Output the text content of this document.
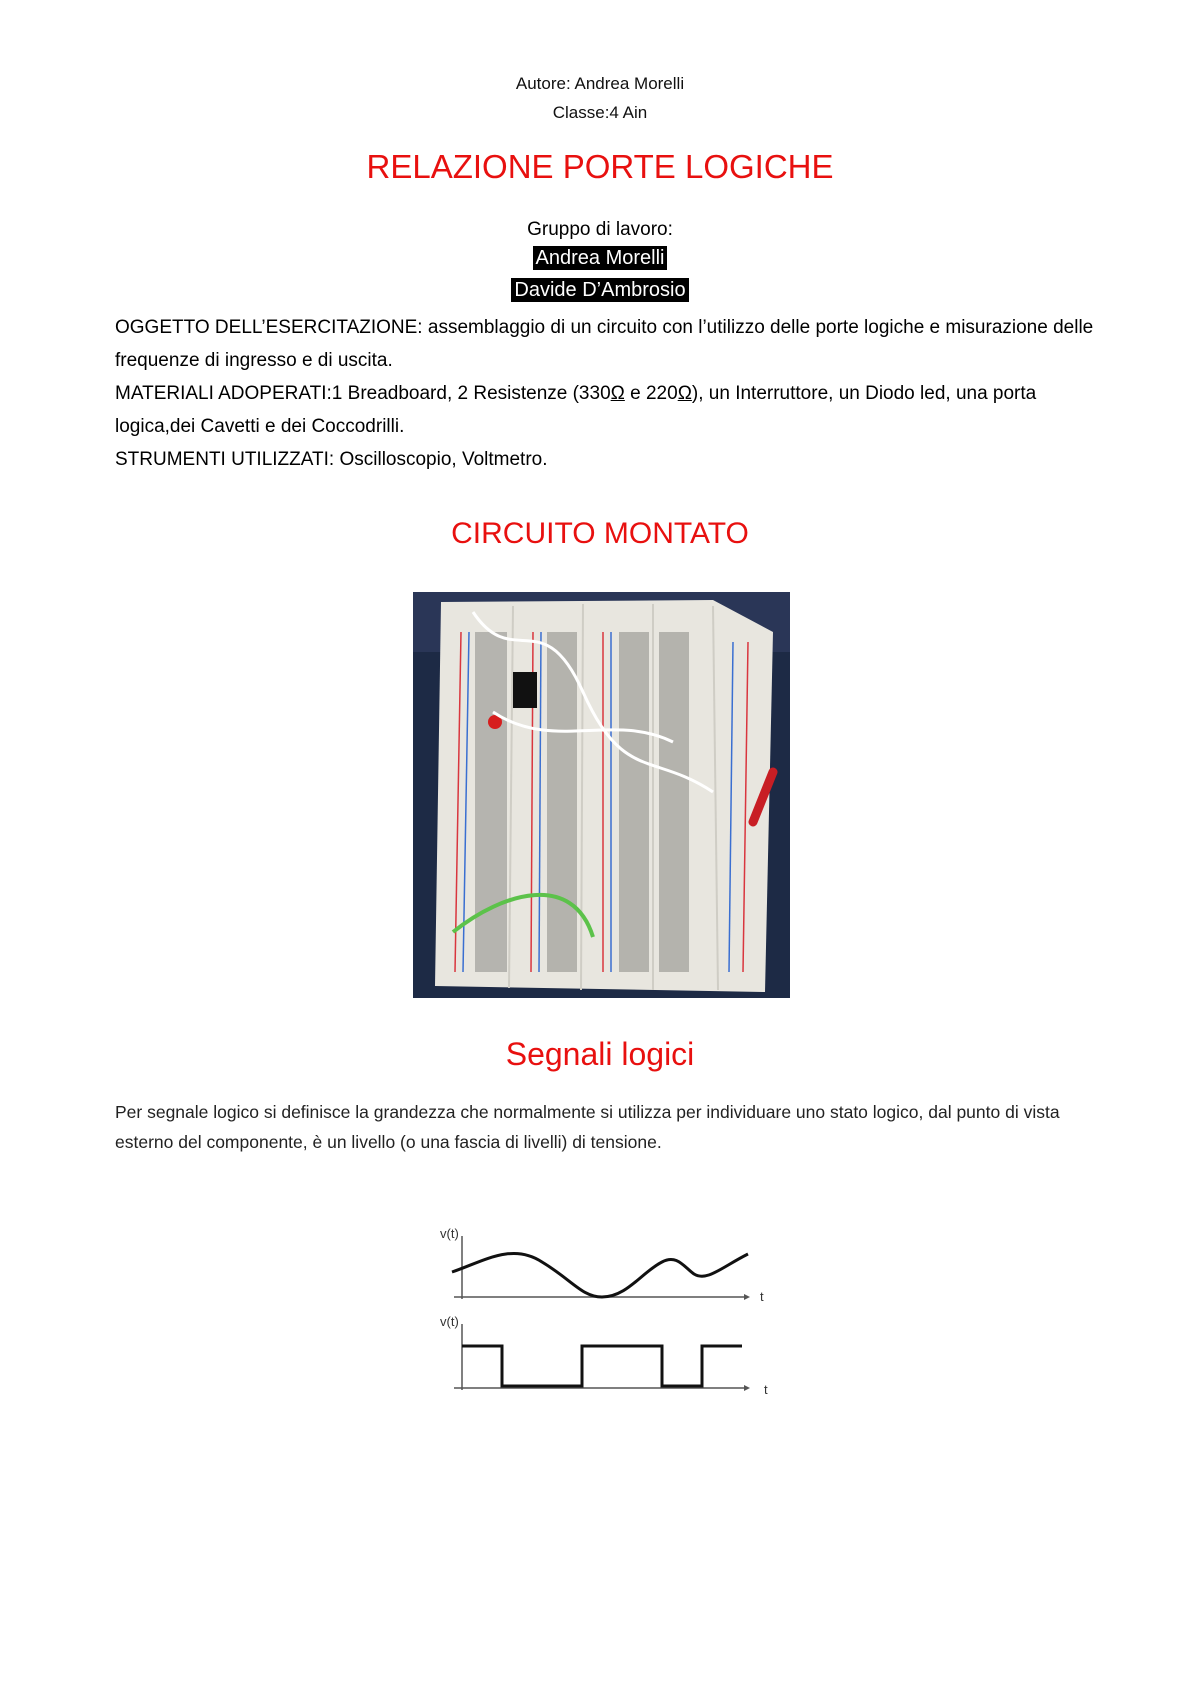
Autore: Andrea Morelli
Classe:4 Ain
RELAZIONE PORTE LOGICHE
Gruppo di lavoro:
Andrea Morelli
Davide D’Ambrosio
OGGETTO DELL’ESERCITAZIONE: assemblaggio di un circuito con l’utilizzo delle porte logiche e misurazione delle frequenze di ingresso e di uscita.
MATERIALI ADOPERATI:1 Breadboard, 2 Resistenze (330Ω e 220Ω), un Interruttore, un Diodo led, una porta logica,dei Cavetti e dei Coccodrilli.
STRUMENTI UTILIZZATI: Oscilloscopio, Voltmetro.
CIRCUITO MONTATO
Segnali logici
Per segnale logico si definisce la grandezza che normalmente si utilizza per individuare uno stato logico, dal punto di vista esterno del componente, è un livello (o una fascia di livelli) di tensione.
v(t)
t
v(t)
t
